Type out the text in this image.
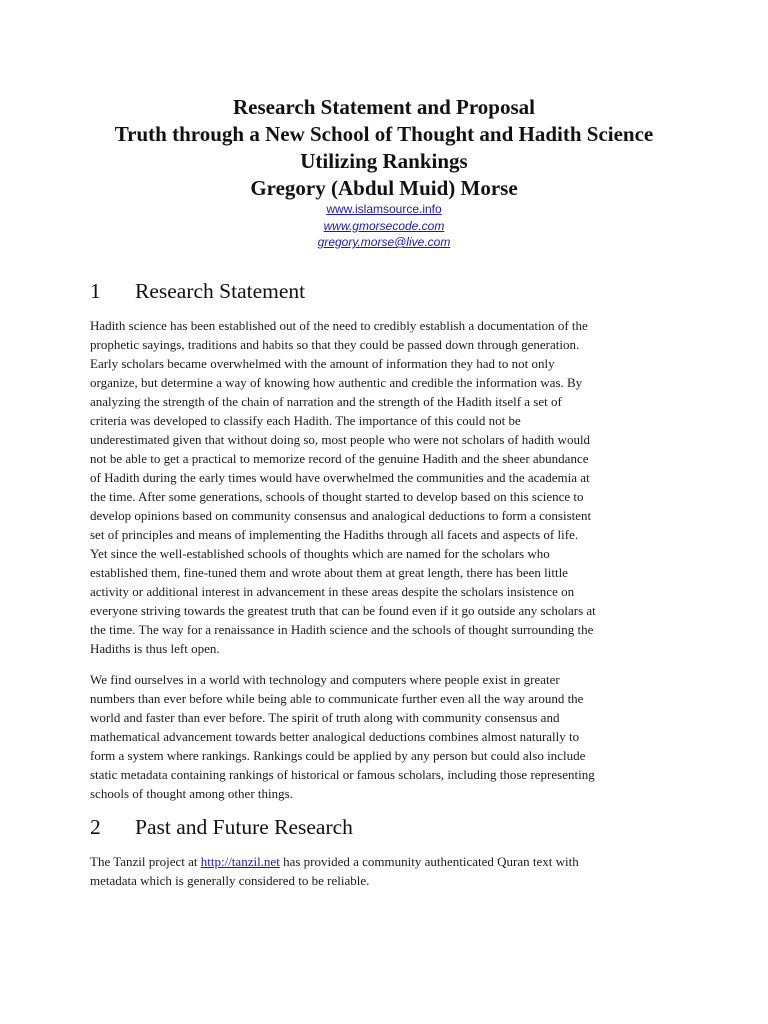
Research Statement and Proposal
Truth through a New School of Thought and Hadith Science
Utilizing Rankings
Gregory (Abdul Muid) Morse
www.islamsource.info
www.gmorsecode.com
gregory.morse@live.com
1 Research Statement
Hadith science has been established out of the need to credibly establish a documentation of the
prophetic sayings, traditions and habits so that they could be passed down through generation.
Early scholars became overwhelmed with the amount of information they had to not only
organize, but determine a way of knowing how authentic and credible the information was. By
analyzing the strength of the chain of narration and the strength of the Hadith itself a set of
criteria was developed to classify each Hadith. The importance of this could not be
underestimated given that without doing so, most people who were not scholars of hadith would
not be able to get a practical to memorize record of the genuine Hadith and the sheer abundance
of Hadith during the early times would have overwhelmed the communities and the academia at
the time. After some generations, schools of thought started to develop based on this science to
develop opinions based on community consensus and analogical deductions to form a consistent
set of principles and means of implementing the Hadiths through all facets and aspects of life.
Yet since the well-established schools of thoughts which are named for the scholars who
established them, fine-tuned them and wrote about them at great length, there has been little
activity or additional interest in advancement in these areas despite the scholars insistence on
everyone striving towards the greatest truth that can be found even if it go outside any scholars at
the time. The way for a renaissance in Hadith science and the schools of thought surrounding the
Hadiths is thus left open.
We find ourselves in a world with technology and computers where people exist in greater
numbers than ever before while being able to communicate further even all the way around the
world and faster than ever before. The spirit of truth along with community consensus and
mathematical advancement towards better analogical deductions combines almost naturally to
form a system where rankings. Rankings could be applied by any person but could also include
static metadata containing rankings of historical or famous scholars, including those representing
schools of thought among other things.
2 Past and Future Research
The Tanzil project at http://tanzil.net has provided a community authenticated Quran text with
metadata which is generally considered to be reliable.
